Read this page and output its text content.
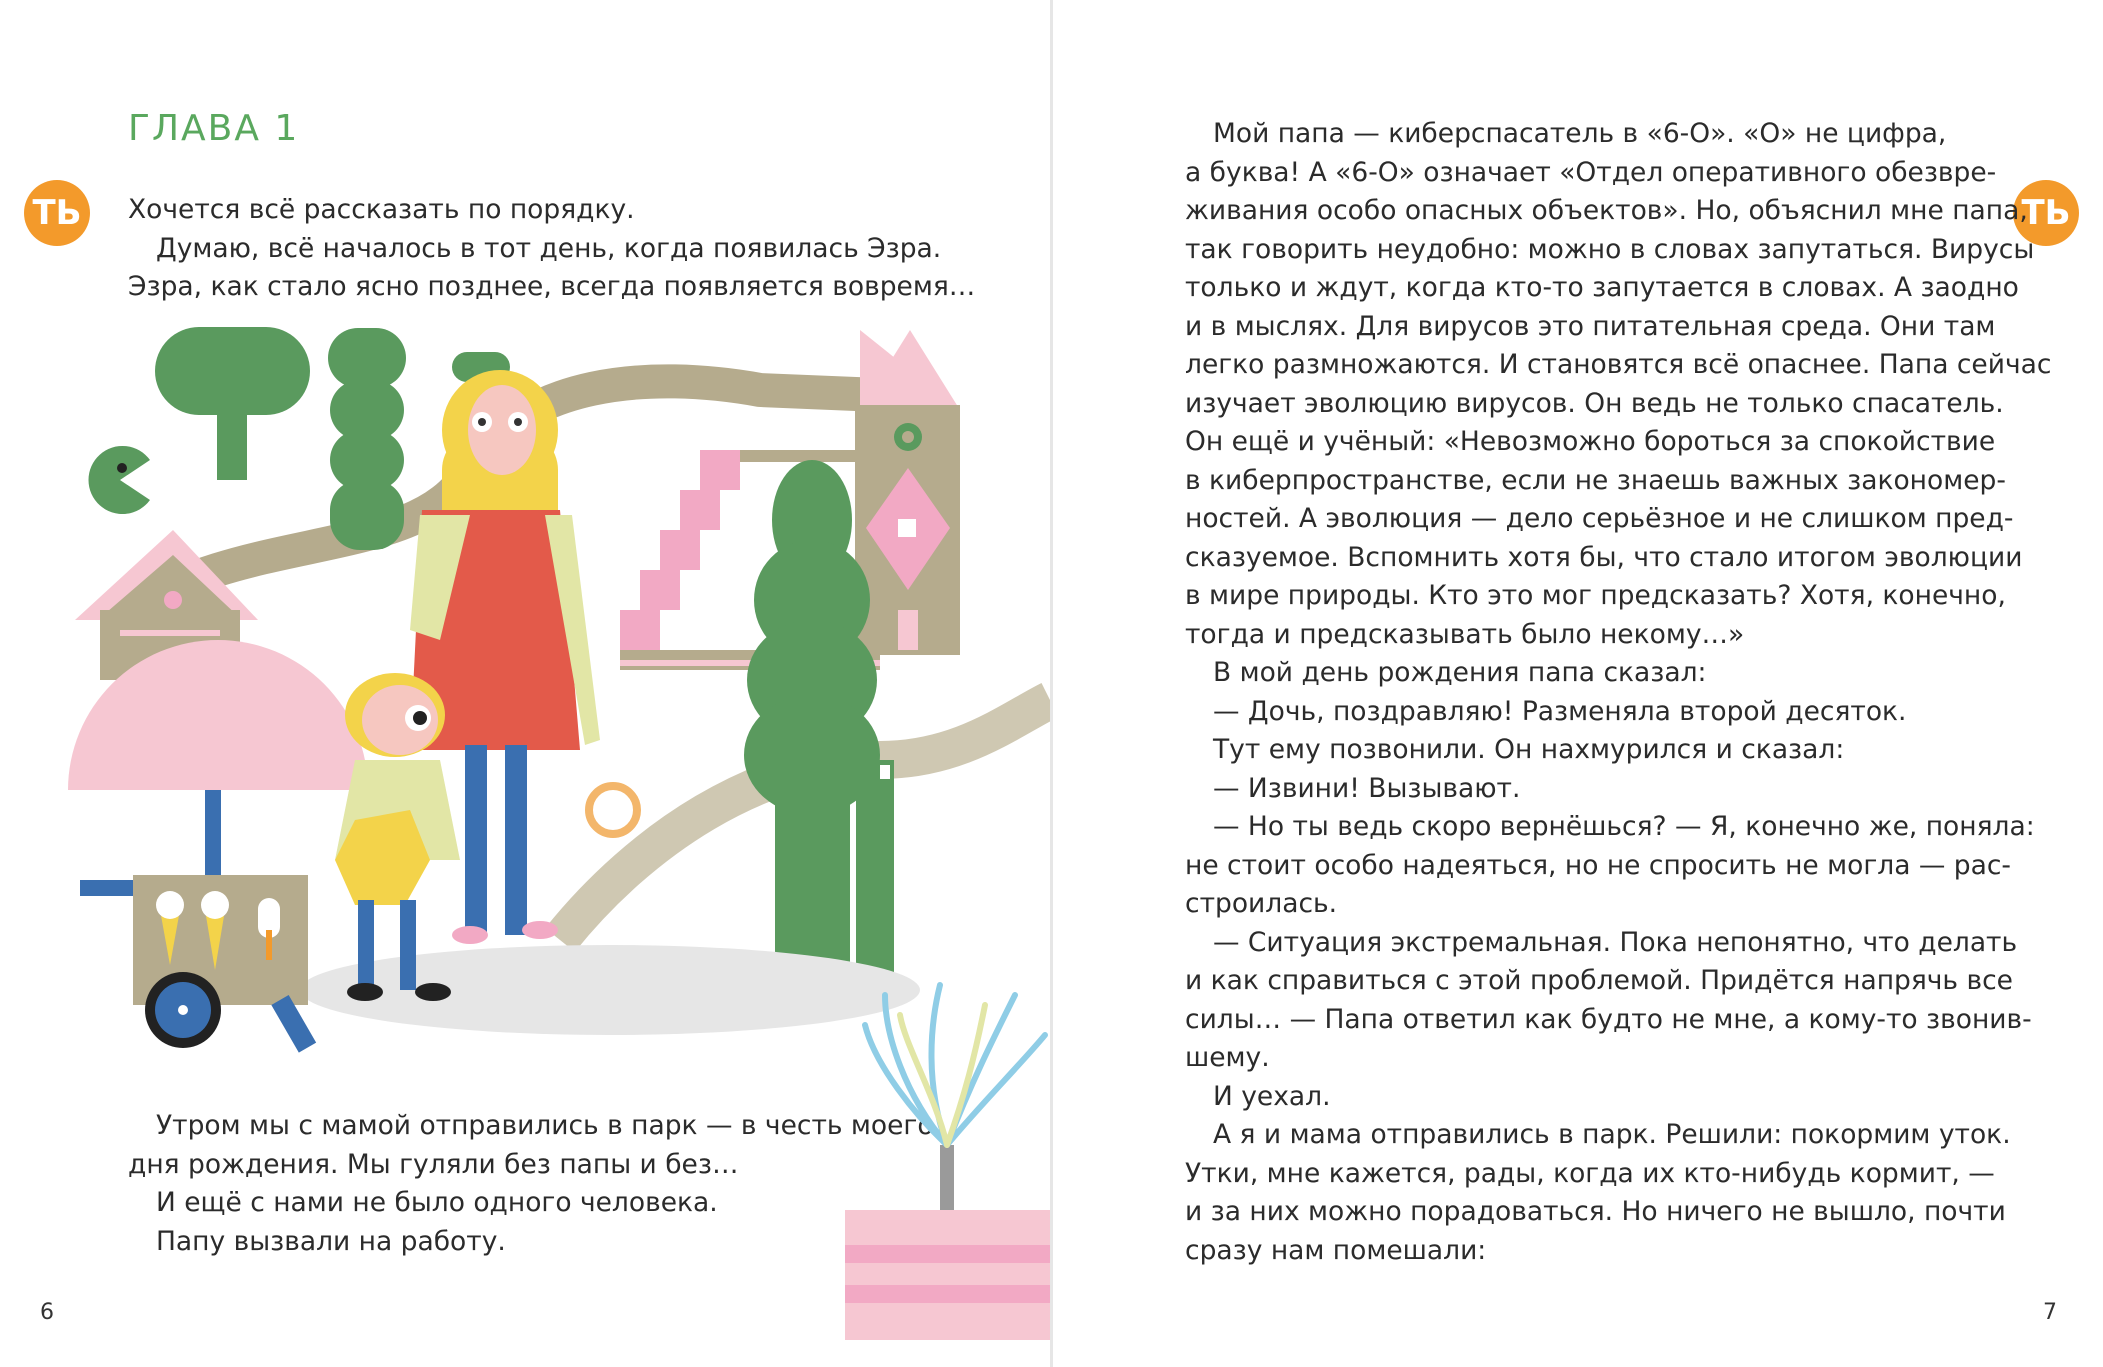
ГЛАВА 1
ТЬ	Хочется всё рассказать по порядку.
Думаю, всё началось в тот день, когда появилась Эзра.
Эзра, как стало ясно позднее, всегда появляется вовремя…
Утром мы с мамой отправились в парк — в честь моего
дня рождения. Мы гуляли без папы и без…
И ещё с нами не было одного человека.
Папу вызвали на работу.
6
ТЬ
Мой папа — киберспасатель в «6-О». «О» не цифра,
а буква! А «6-О» означает «Отдел оперативного обезвре-
живания особо опасных объектов». Но, объяснил мне папа,
так говорить неудобно: можно в словах запутаться. Вирусы
только и ждут, когда кто-то запутается в словах. А заодно
и в мыслях. Для вирусов это питательная среда. Они там
легко размножаются. И становятся всё опаснее. Папа сейчас
изучает эволюцию вирусов. Он ведь не только спасатель.
Он ещё и учёный: «Невозможно бороться за спокойствие
в киберпространстве, если не знаешь важных закономер-
ностей. А эволюция — дело серьёзное и не слишком пред-
сказуемое. Вспомнить хотя бы, что стало итогом эволюции
в мире природы. Кто это мог предсказать? Хотя, конечно,
тогда и предсказывать было некому…»
В мой день рождения папа сказал:
— Дочь, поздравляю! Разменяла второй десяток.
Тут ему позвонили. Он нахмурился и сказал:
— Извини! Вызывают.
— Но ты ведь скоро вернёшься? — Я, конечно же, поняла:
не стоит особо надеяться, но не спросить не могла — рас-
строилась.
— Ситуация экстремальная. Пока непонятно, что делать
и как справиться с этой проблемой. Придётся напрячь все
силы… — Папа ответил как будто не мне, а кому-то звонив-
шему.
И уехал.
А я и мама отправились в парк. Решили: покормим уток.
Утки, мне кажется, рады, когда их кто-нибудь кормит, —
и за них можно порадоваться. Но ничего не вышло, почти
сразу нам помешали:
7
